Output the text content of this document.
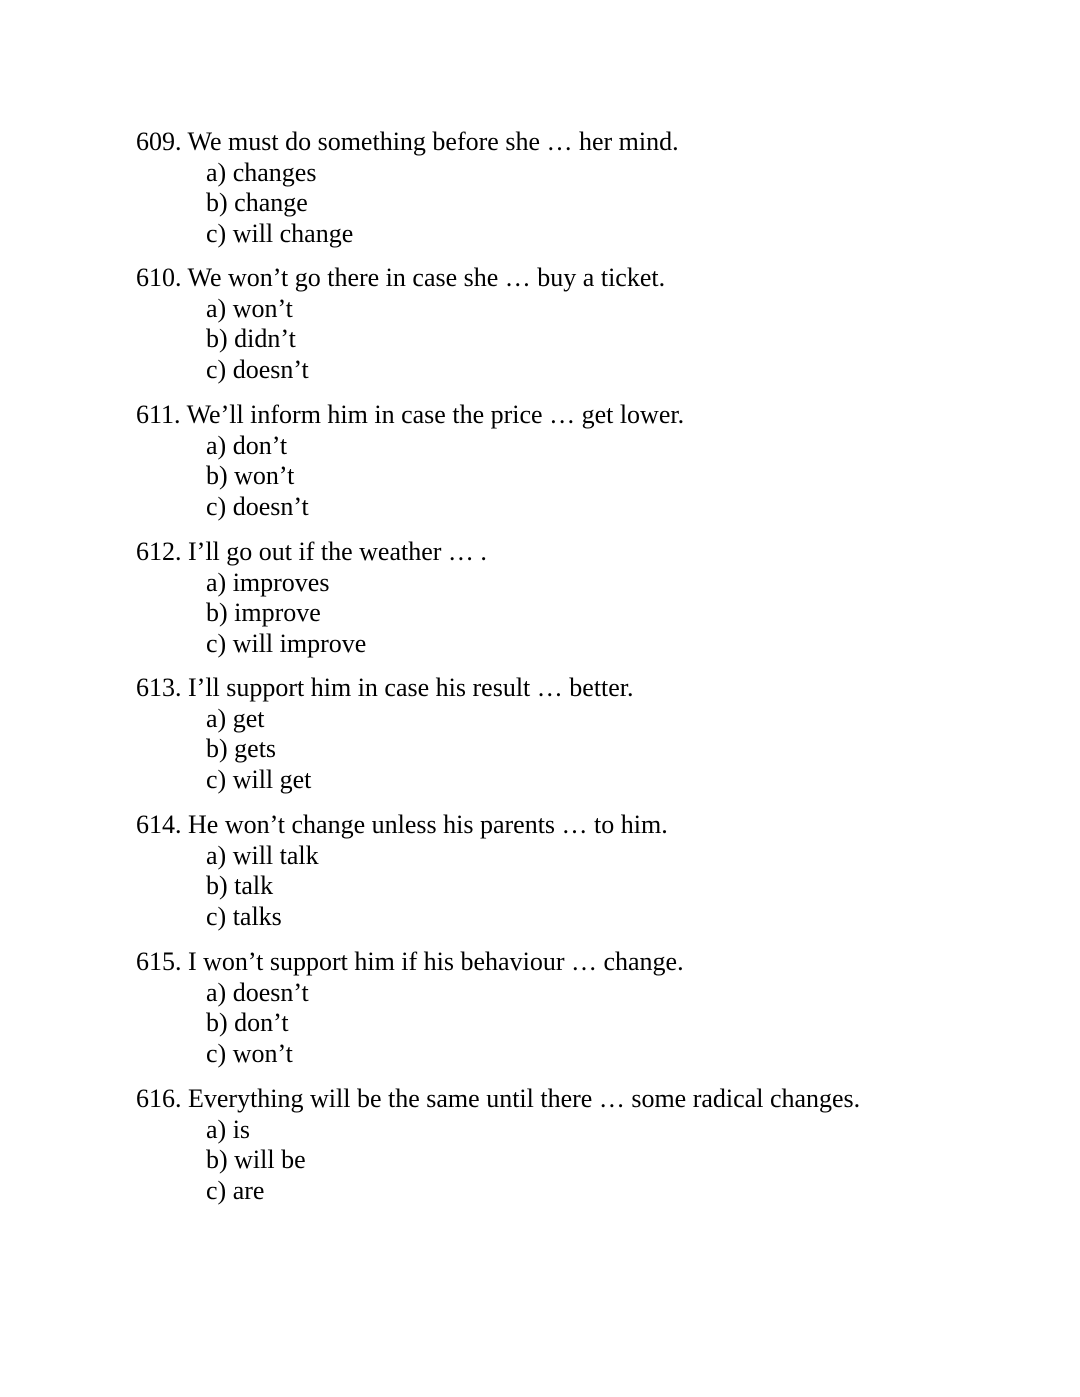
609. We must do something before she … her mind.
a) changes
b) change
c) will change
610. We won’t go there in case she … buy a ticket.
a) won’t
b) didn’t
c) doesn’t
611. We’ll inform him in case the price … get lower.
a) don’t
b) won’t
c) doesn’t
612. I’ll go out if the weather … .
a) improves
b) improve
c) will improve
613. I’ll support him in case his result … better.
a) get
b) gets
c) will get
614. He won’t change unless his parents … to him.
a) will talk
b) talk
c) talks
615. I won’t support him if his behaviour … change.
a) doesn’t
b) don’t
c) won’t
616. Everything will be the same until there … some radical changes.
a) is
b) will be
c) are
